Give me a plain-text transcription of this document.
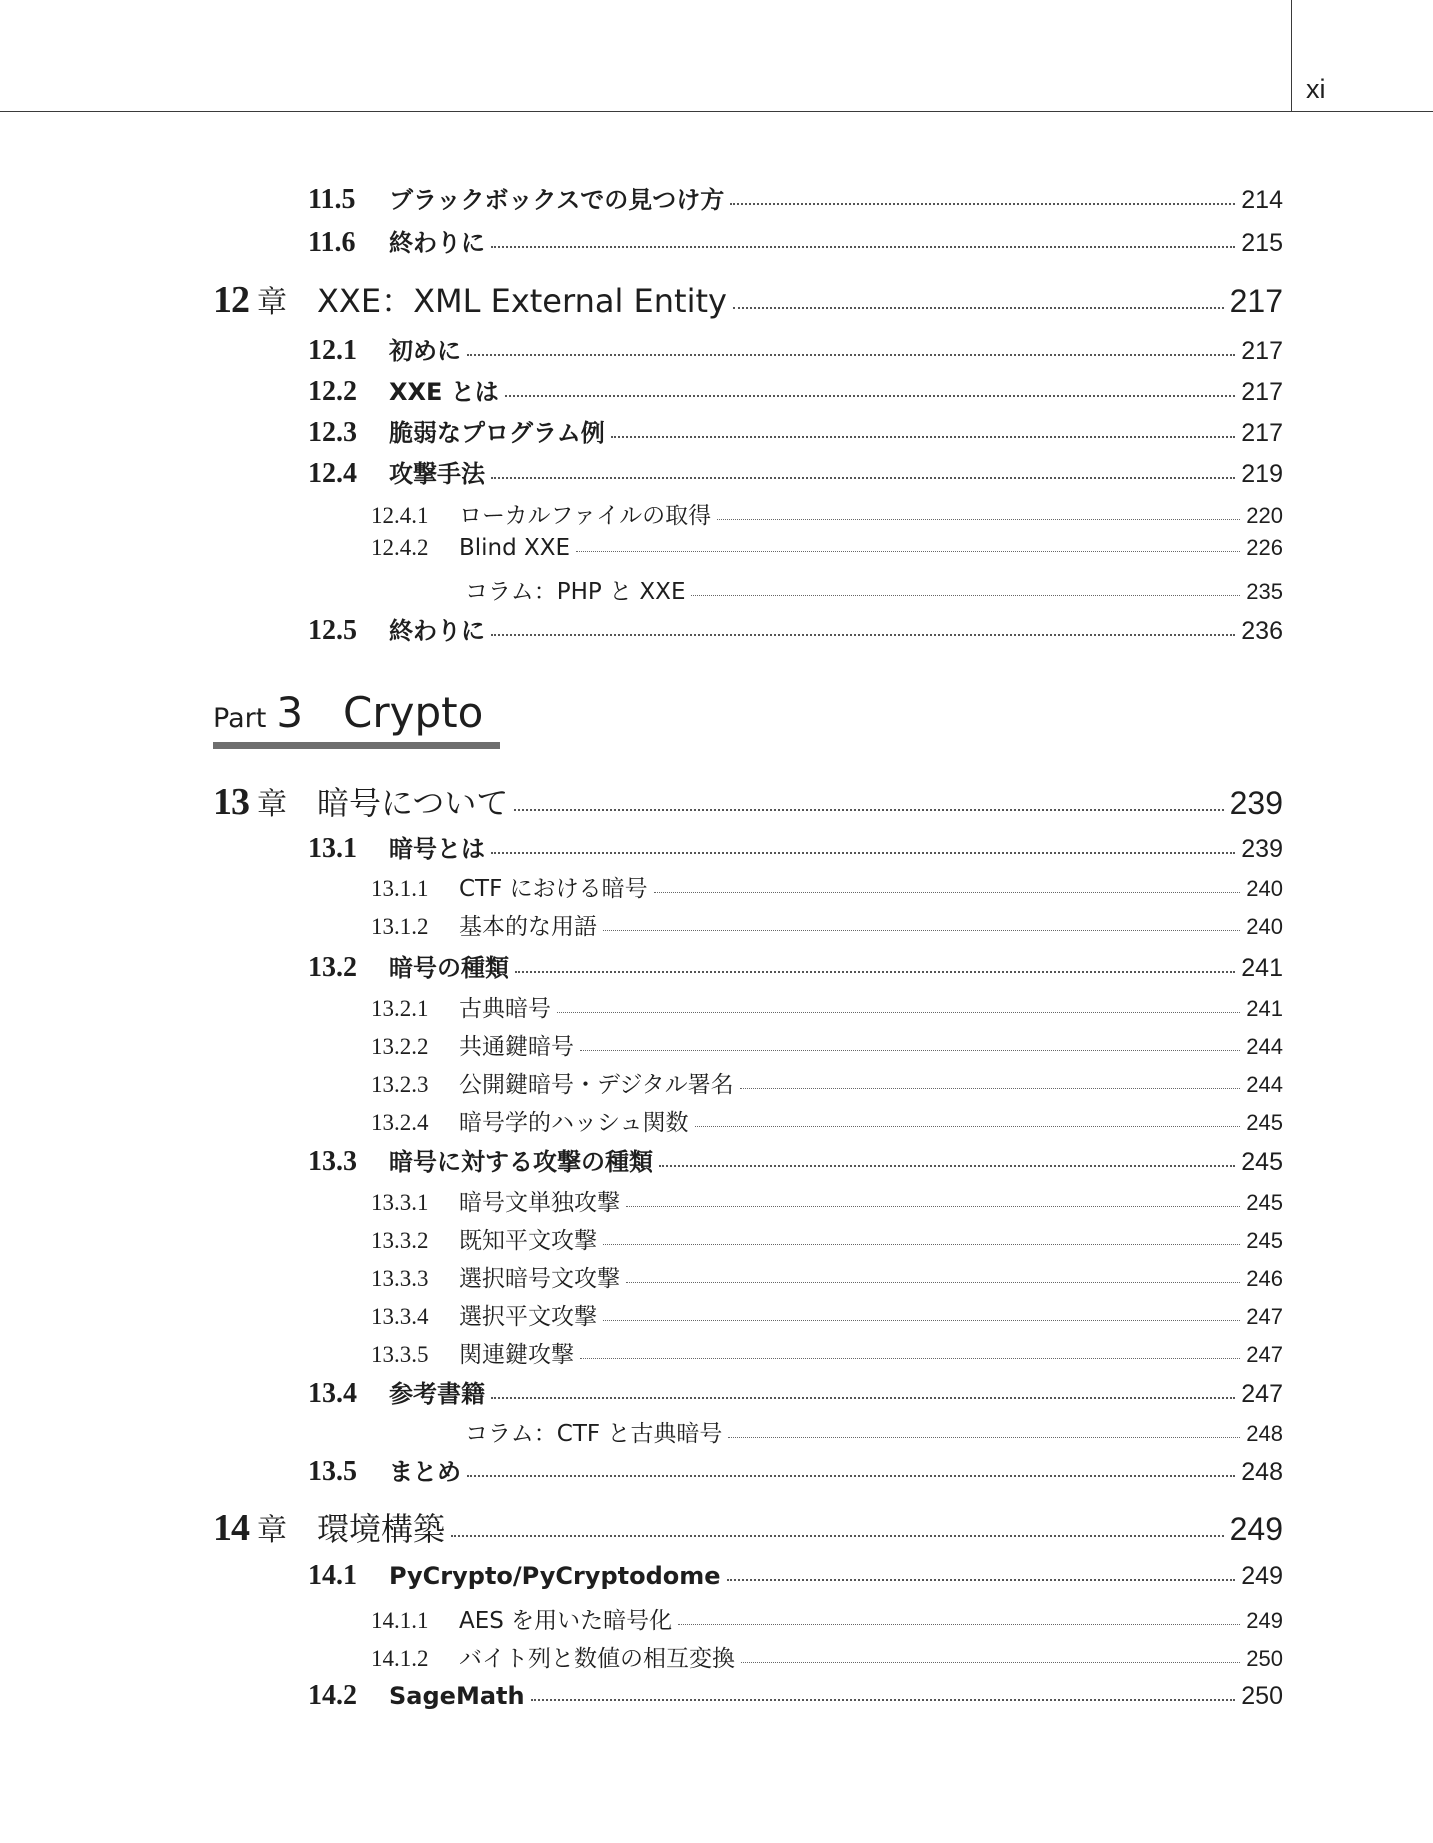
xi
11.5	ブラックボックスでの見つけ方	214
11.6	終わりに	215
12 章 XXE：XML External Entity	217
12.1	初めに	217
12.2	XXE とは	217
12.3	脆弱なプログラム例	217
12.4	攻撃手法	219
12.4.1	ローカルファイルの取得	220
12.4.2	Blind XXE	226
コラム：PHP と XXE	235
12.5	終わりに	236
Part 3 Crypto
13 章 暗号について	239
13.1	暗号とは	239
13.1.1	CTF における暗号	240
13.1.2	基本的な用語	240
13.2	暗号の種類	241
13.2.1	古典暗号	241
13.2.2	共通鍵暗号	244
13.2.3	公開鍵暗号・デジタル署名	244
13.2.4	暗号学的ハッシュ関数	245
13.3	暗号に対する攻撃の種類	245
13.3.1	暗号文単独攻撃	245
13.3.2	既知平文攻撃	245
13.3.3	選択暗号文攻撃	246
13.3.4	選択平文攻撃	247
13.3.5	関連鍵攻撃	247
13.4	参考書籍	247
コラム：CTF と古典暗号	248
13.5	まとめ	248
14 章 環境構築	249
14.1	PyCrypto/PyCryptodome	249
14.1.1	AES を用いた暗号化	249
14.1.2	バイト列と数値の相互変換	250
14.2	SageMath	250
